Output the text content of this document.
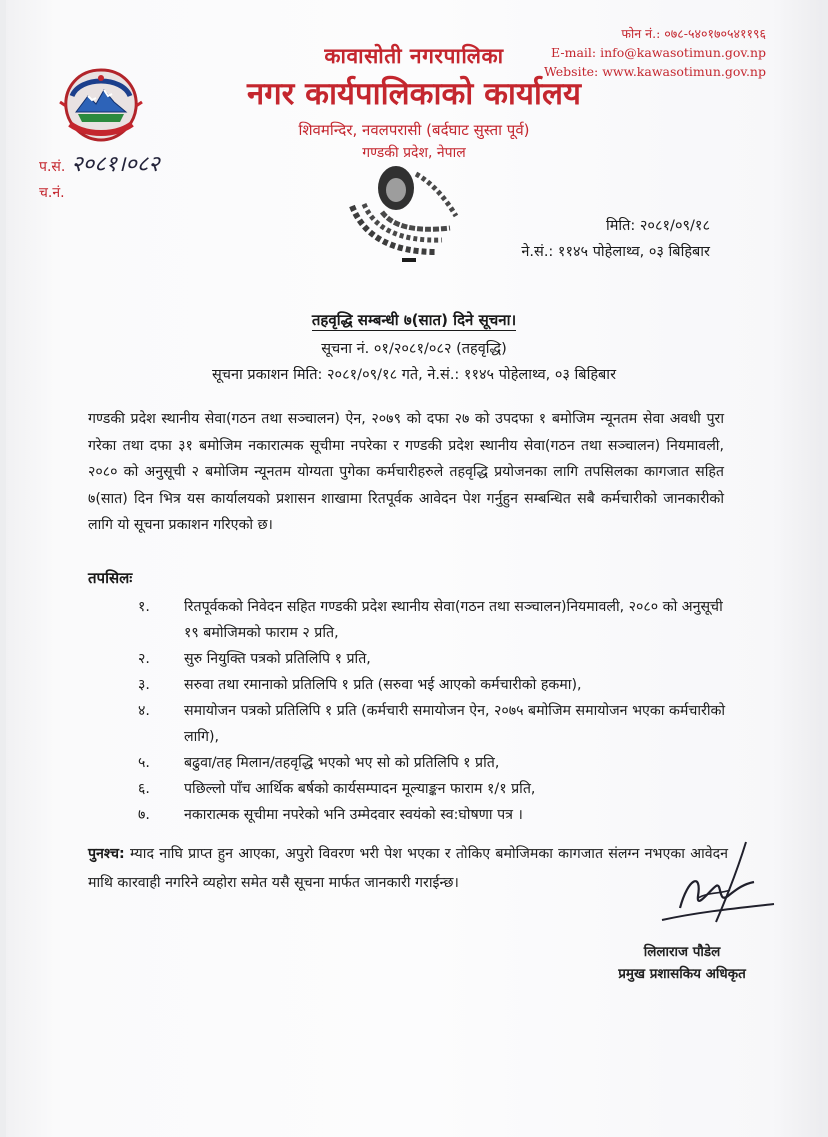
फोन नं.: ०७८-५४०१७०५४११९६
E-mail: info@kawasotimun.gov.np
Website: www.kawasotimun.gov.np
कावासोती नगरपालिका
नगर कार्यपालिकाको कार्यालय
शिवमन्दिर, नवलपरासी (बर्दघाट सुस्ता पूर्व)
गण्डकी प्रदेश, नेपाल
प.सं. २०८१।०८२
च.नं.
मिति: २०८१/०९/१८
ने.सं.: ११४५ पोहेलाथ्व, ०३ बिहिबार
तहवृद्धि सम्बन्धी ७(सात) दिने सूचना।
सूचना नं. ०१/२०८१/०८२ (तहवृद्धि)
सूचना प्रकाशन मिति: २०८१/०९/१८ गते, ने.सं.: ११४५ पोहेलाथ्व, ०३ बिहिबार
गण्डकी प्रदेश स्थानीय सेवा(गठन तथा सञ्चालन) ऐन, २०७९ को दफा २७ को उपदफा १ बमोजिम न्यूनतम सेवा अवधी पुरा गरेका तथा दफा ३१ बमोजिम नकारात्मक सूचीमा नपरेका र गण्डकी प्रदेश स्थानीय सेवा(गठन तथा सञ्चालन) नियमावली, २०८० को अनुसूची २ बमोजिम न्यूनतम योग्यता पुगेका कर्मचारीहरुले तहवृद्धि प्रयोजनका लागि तपसिलका कागजात सहित ७(सात) दिन भित्र यस कार्यालयको प्रशासन शाखामा रितपूर्वक आवेदन पेश गर्नुहुन सम्बन्धित सबै कर्मचारीको जानकारीको लागि यो सूचना प्रकाशन गरिएको छ।
तपसिलः
१.	रितपूर्वकको निवेदन सहित गण्डकी प्रदेश स्थानीय सेवा(गठन तथा सञ्चालन)नियमावली, २०८० को अनुसूची १९ बमोजिमको फाराम २ प्रति,
२.	सुरु नियुक्ति पत्रको प्रतिलिपि १ प्रति,
३.	सरुवा तथा रमानाको प्रतिलिपि १ प्रति (सरुवा भई आएको कर्मचारीको हकमा),
४.	समायोजन पत्रको प्रतिलिपि १ प्रति (कर्मचारी समायोजन ऐन, २०७५ बमोजिम समायोजन भएका कर्मचारीको लागि),
५.	बढुवा/तह मिलान/तहवृद्धि भएको भए सो को प्रतिलिपि १ प्रति,
६.	पछिल्लो पाँच आर्थिक बर्षको कार्यसम्पादन मूल्याङ्कन फाराम १/१ प्रति,
७.	नकारात्मक सूचीमा नपरेको भनि उम्मेदवार स्वयंको स्व:घोषणा पत्र ।
पुनश्च: म्याद नाघि प्राप्त हुन आएका, अपुरो विवरण भरी पेश भएका र तोकिए बमोजिमका कागजात संलग्न नभएका आवेदन माथि कारवाही नगरिने व्यहोरा समेत यसै सूचना मार्फत जानकारी गराईन्छ।
लिलाराज पौडेल
प्रमुख प्रशासकिय अधिकृत
